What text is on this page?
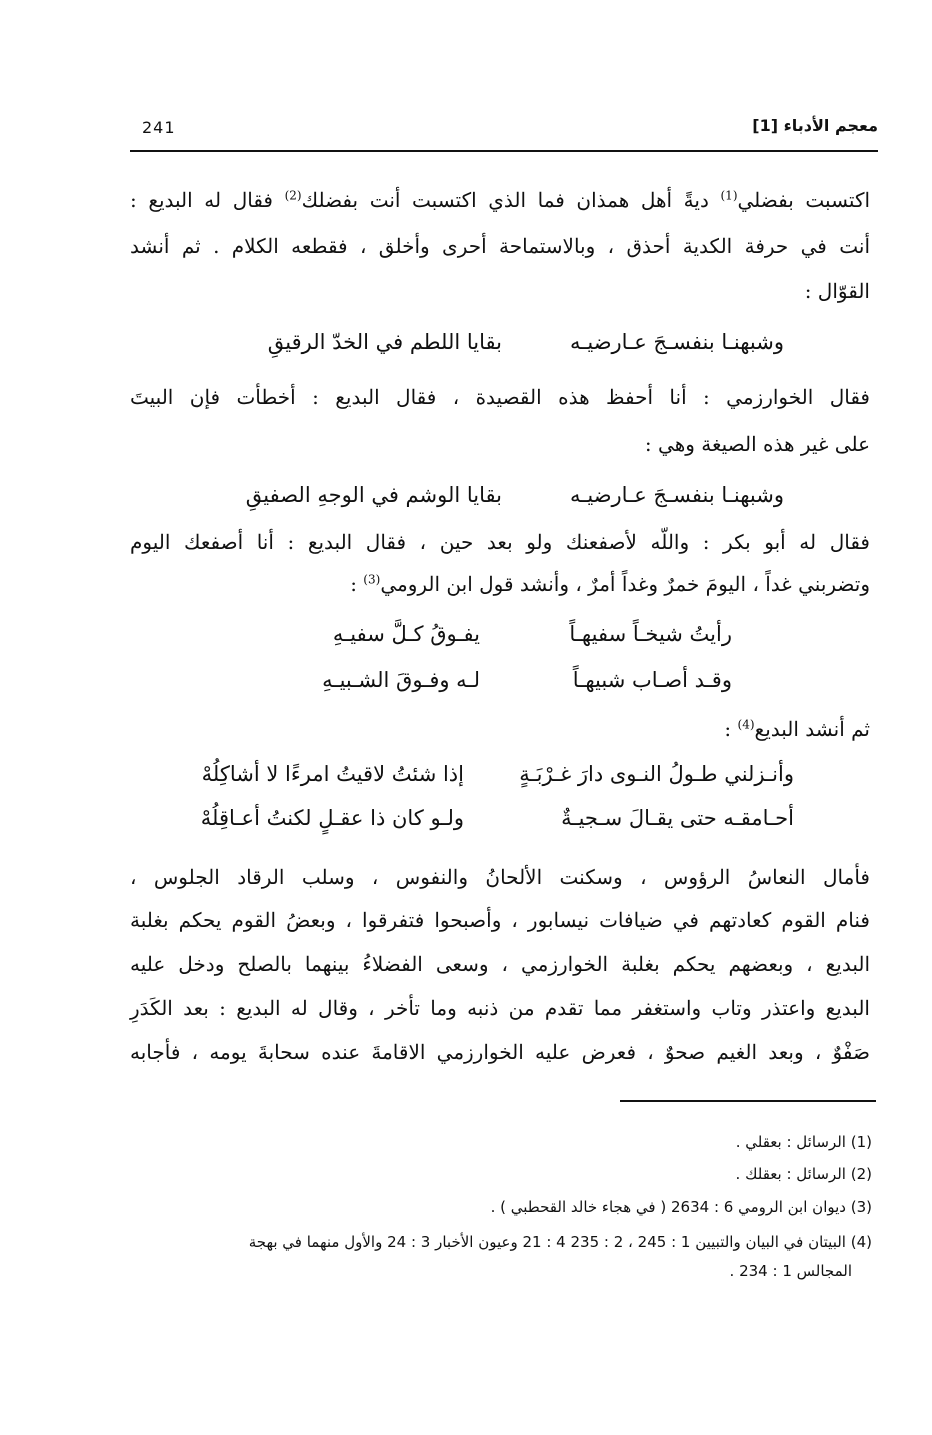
معجم الأدباء [1]
241
اكتسبت بفضلي$^{(1)}$ ديةً أهل همذان فما الذي اكتسبت أنت بفضلك$^{(2)}$ فقال له البديع :
أنت في حرفة الكدية أحذق ، وبالاستماحة أحرى وأخلق ، فقطعه الكلام . ثم أنشد
القوّال :
وشبهنـا بنفسـجَ عـارضيـه
بقايا اللطم في الخدّ الرقيقِ
فقال الخوارزمي : أنا أحفظ هذه القصيدة ، فقال البديع : أخطأت فإن البيتَ
على غير هذه الصيغة وهي :
وشبهنـا بنفسـجَ عـارضيـه
بقايا الوشم في الوجهِ الصفيقِ
فقال له أبو بكر : واللّه لأصفعنك ولو بعد حين ، فقال البديع : أنا أصفعك اليوم
وتضربني غداً ، اليومَ خمرٌ وغداً أمرٌ ، وأنشد قول ابن الرومي$^{(3)}$ :
رأيتُ شيخـاً سفيهـاً
يفـوقُ كـلَّ سفيـهِ
وقـد أصـاب شبيهـاً
لـه وفـوقَ الشـبيـهِ
ثم أنشد البديع$^{(4)}$ :
وأنـزلني طـولُ النـوى دارَ غـرْبَـةٍ
إذا شئتُ لاقيتُ امرءًا لا أشاكِلُهْ
أحـامقـه حتى يقـالَ سـجيـةٌ
ولـو كان ذا عقـلٍ لكنتُ أعـاقِلُهْ
فأمال النعاسُ الرؤوس ، وسكنت الألحانُ والنفوس ، وسلب الرقاد الجلوس ،
فنام القوم كعادتهم في ضيافات نيسابور ، وأصبحوا فتفرقوا ، وبعضُ القوم يحكم بغلبة
البديع ، وبعضهم يحكم بغلبة الخوارزمي ، وسعى الفضلاءُ بينهما بالصلح ودخل عليه
البديع واعتذر وتاب واستغفر مما تقدم من ذنبه وما تأخر ، وقال له البديع : بعد الكَدَرِ
صَفْوٌ ، وبعد الغيم صحوٌ ، فعرض عليه الخوارزمي الاقامةَ عنده سحابةَ يومه ، فأجابه
(1) الرسائل : بعقلي .
(2) الرسائل : بعقلك .
(3) ديوان ابن الرومي 6 : 2634 ( في هجاء خالد القحطبي ) .
(4) البيتان في البيان والتبيين 1 : 245 ، 2 : 235 4 : 21 وعيون الأخبار 3 : 24 والأول منهما في بهجة
المجالس 1 : 234 .
